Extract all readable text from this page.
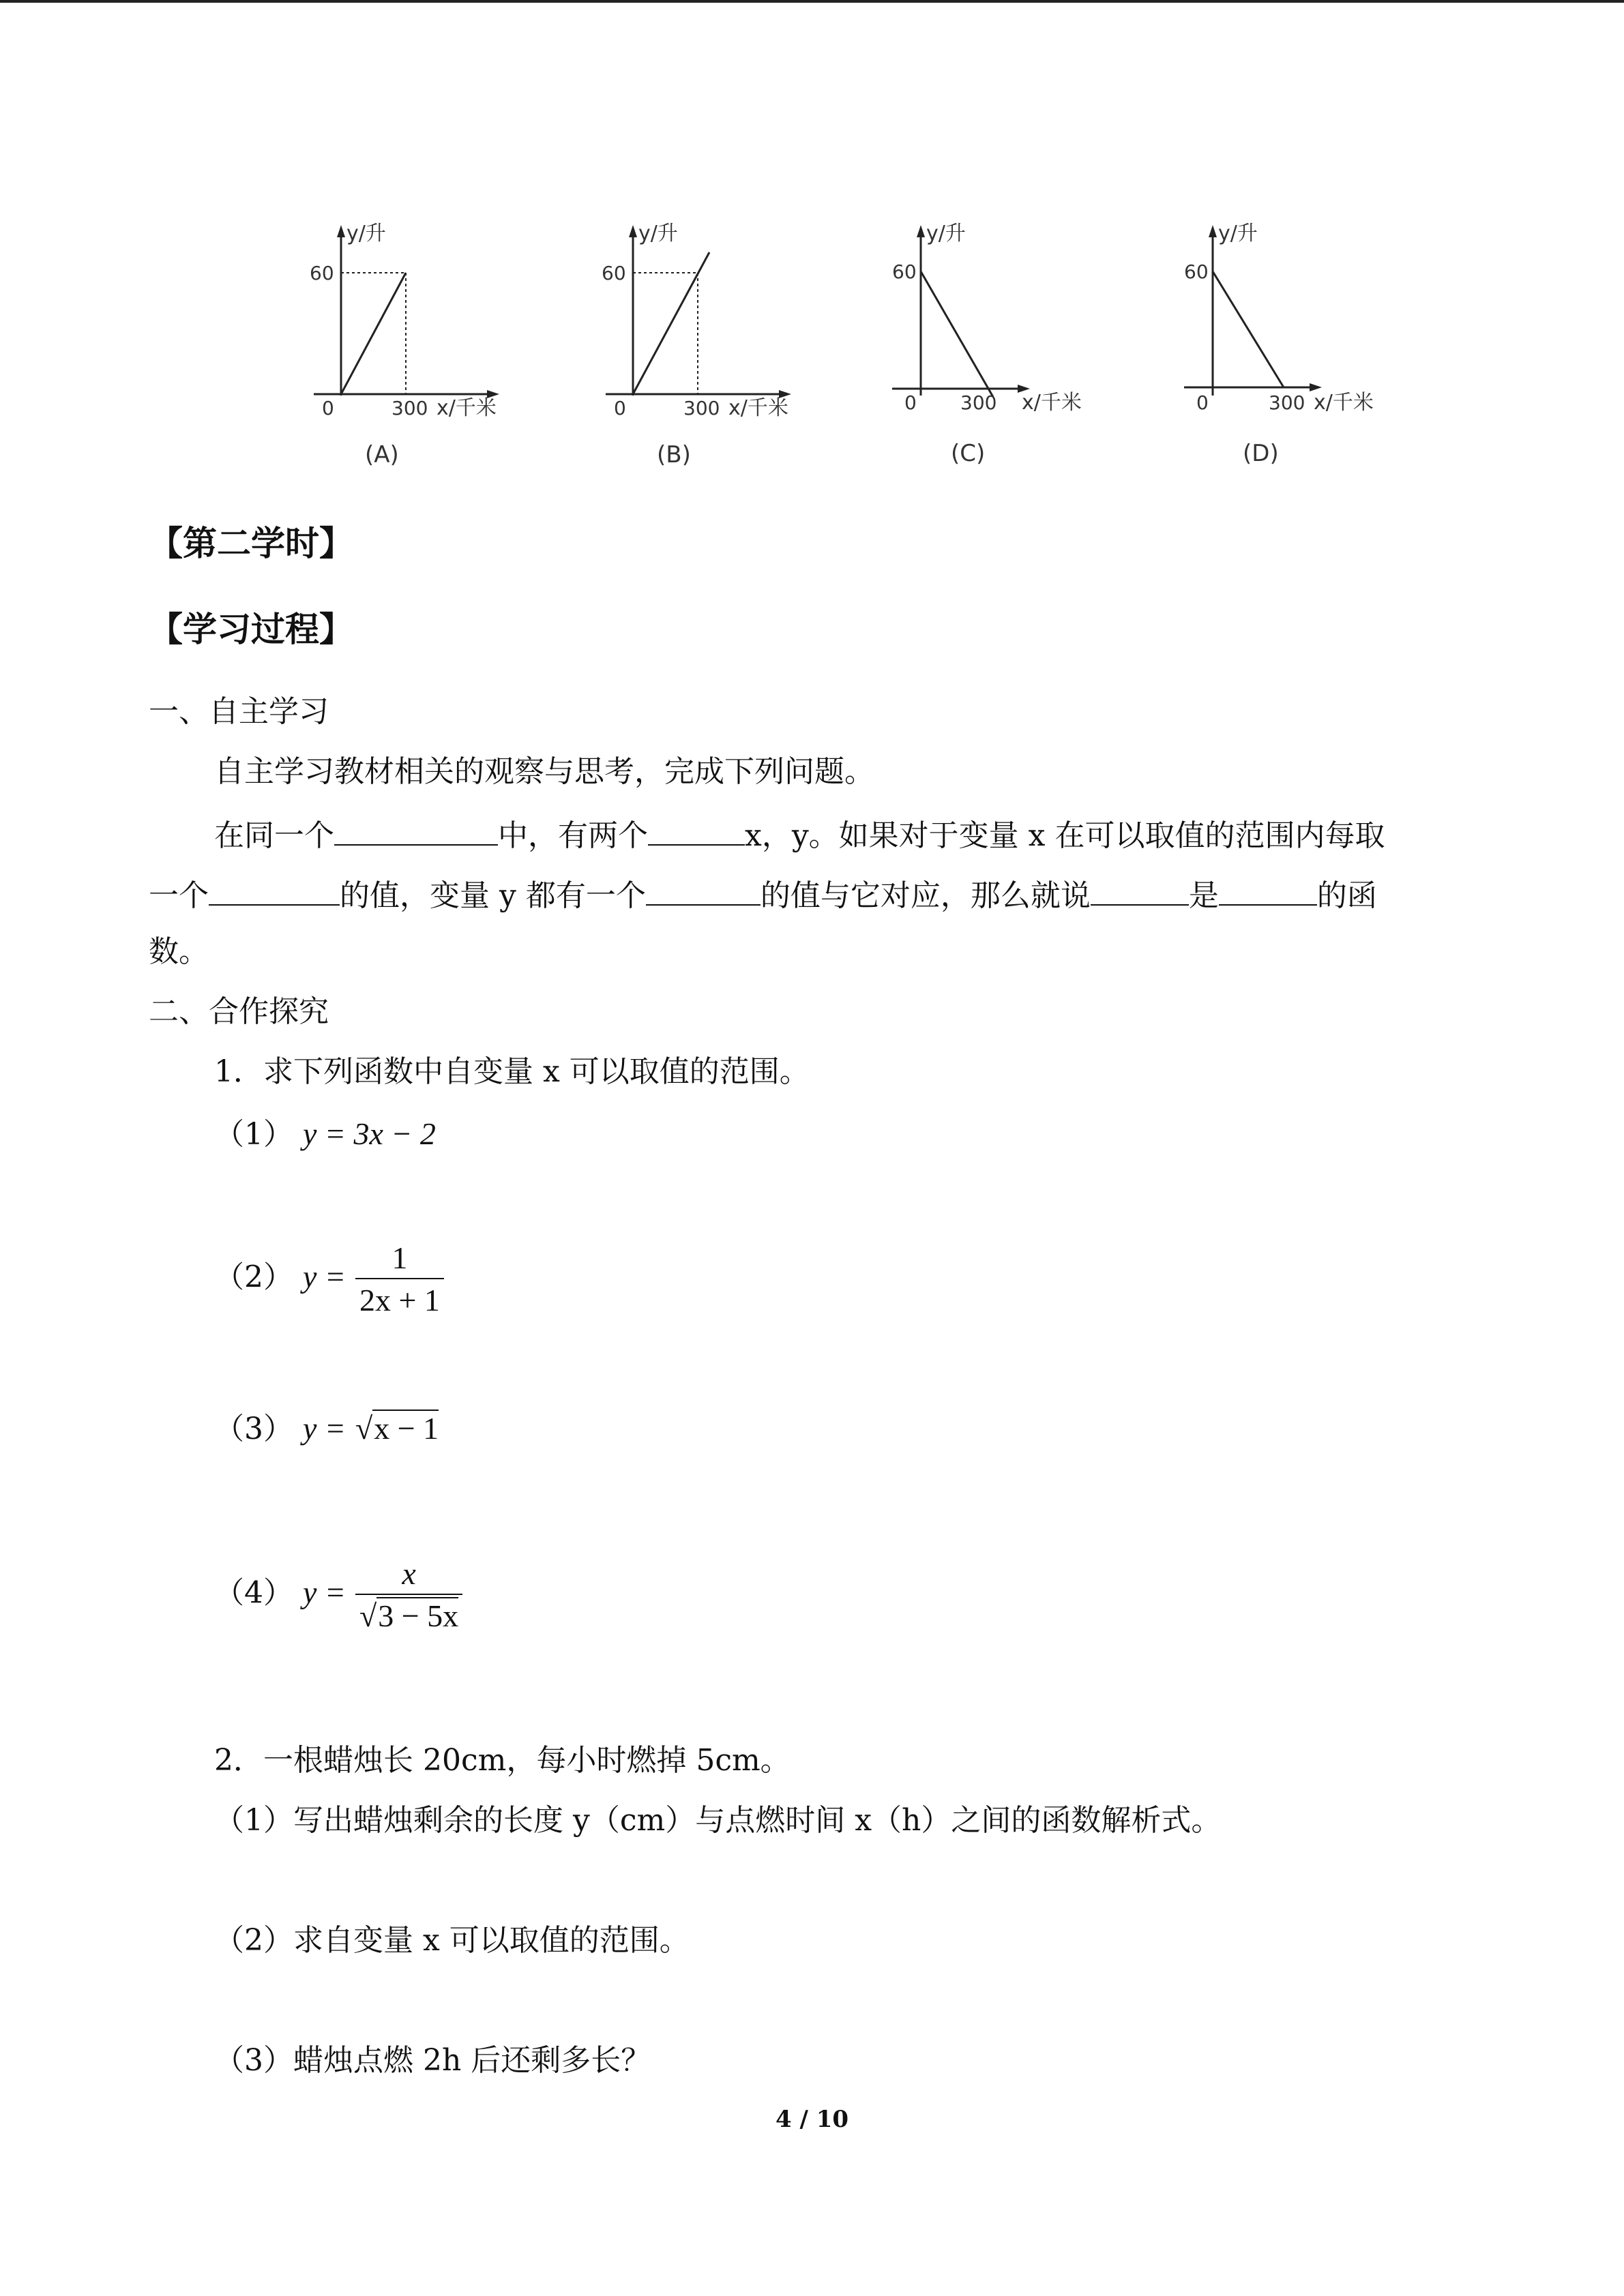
y/升
60
0	300 x/千米
(A)
y/升
60
0	300 x/千米
(B)
y/升
60
0 300 x/千米
(C)
y/升
60
0	300 x/千米
(D)
【第二学时】
【学习过程】
一、自主学习
自主学习教材相关的观察与思考，完成下列问题。
在同一个	中，有两个	x，y。如果对于变量 x 在可以取值的范围内每取
一个	的值，变量 y 都有一个	的值与它对应，那么就说	是	的函
数。
二、合作探究
1．求下列函数中自变量 x 可以取值的范围。
（1） y = 3x − 2
（2） $y = \frac{1}{2x + 1}$
（3） y = √x − 1
（4） $y = \frac{x}{√3 - 5x}$
2．一根蜡烛长 20cm，每小时燃掉 5cm。
（1）写出蜡烛剩余的长度 y（cm）与点燃时间 x（h）之间的函数解析式。
（2）求自变量 x 可以取值的范围。
（3）蜡烛点燃 2h 后还剩多长？
4 / 10
